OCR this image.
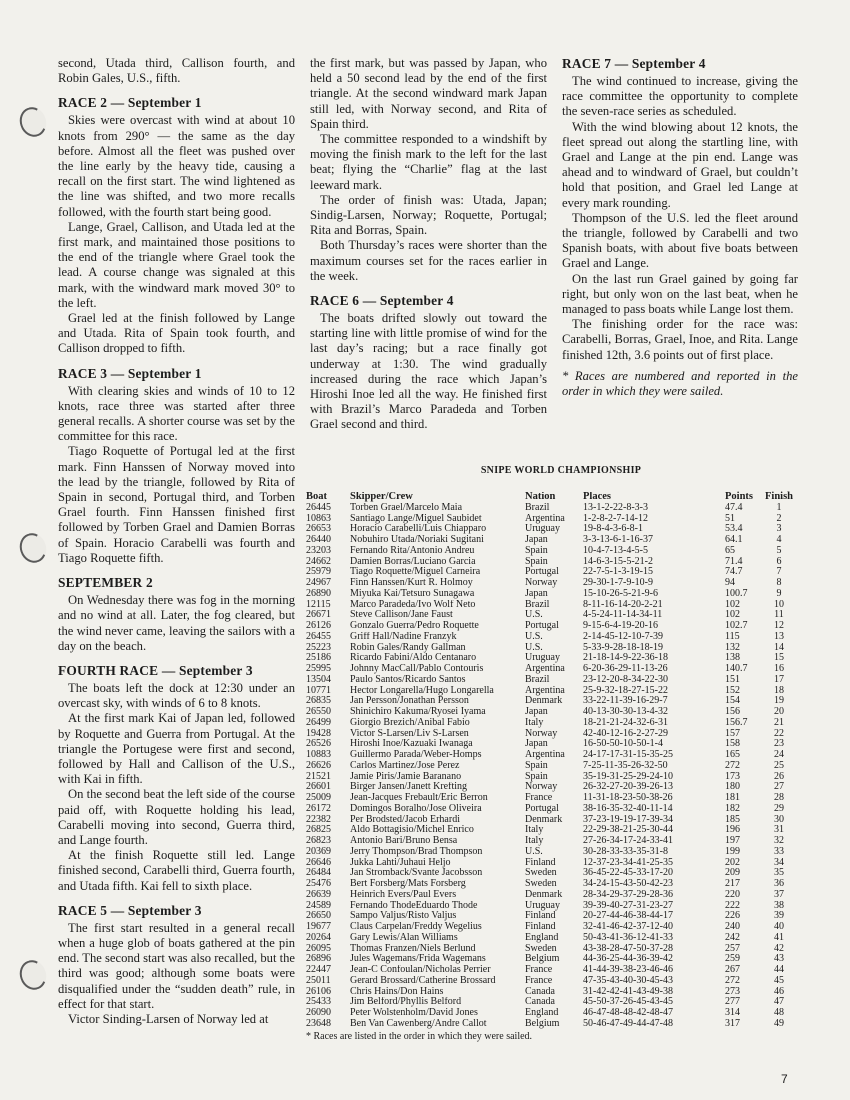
second, Utada third, Callison fourth, and Robin Gales, U.S., fifth.

RACE 2 — September 1

Skies were overcast with wind at about 10 knots from 290° — the same as the day before. Almost all the fleet was pushed over the line early by the heavy tide, causing a recall on the first start. The wind lightened as the line was shifted, and two more recalls followed, with the fourth start being good.

Lange, Grael, Callison, and Utada led at the first mark, and maintained those positions to the end of the triangle where Grael took the lead. A course change was signaled at this mark, with the windward mark moved 30° to the left.

Grael led at the finish followed by Lange and Utada. Rita of Spain took fourth, and Callison dropped to fifth.

RACE 3 — September 1

With clearing skies and winds of 10 to 12 knots, race three was started after three general recalls. A shorter course was set by the committee for this race.

Tiago Roquette of Portugal led at the first mark. Finn Hanssen of Norway moved into the lead by the triangle, followed by Rita of Spain in second, Portugal third, and Torben Grael fourth. Finn Hanssen finished first followed by Torben Grael and Damien Borras of Spain. Horacio Carabelli was fourth and Tiago Roquette fifth.

SEPTEMBER 2

On Wednesday there was fog in the morning and no wind at all. Later, the fog cleared, but the wind never came, leaving the sailors with a day on the beach.

FOURTH RACE — September 3

The boats left the dock at 12:30 under an overcast sky, with winds of 6 to 8 knots.

At the first mark Kai of Japan led, followed by Roquette and Guerra from Portugal. At the triangle the Portugese were first and second, followed by Hall and Callison of the U.S., with Kai in fifth.

On the second beat the left side of the course paid off, with Roquette holding his lead, Carabelli moving into second, Guerra third, and Lange fourth.

At the finish Roquette still led. Lange finished second, Carabelli third, Guerra fourth, and Utada fifth. Kai fell to sixth place.

RACE 5 — September 3

The first start resulted in a general recall when a huge glob of boats gathered at the pin end. The second start was also recalled, but the third was good; although some boats were disqualified under the “sudden death” rule, in effect for that start.

Victor Sinding-Larsen of Norway led at

the first mark, but was passed by Japan, who held a 50 second lead by the end of the first triangle. At the second windward mark Japan still led, with Norway second, and Rita of Spain third.

The committee responded to a windshift by moving the finish mark to the left for the last beat; flying the “Charlie” flag at the last leeward mark.

The order of finish was: Utada, Japan; Sindig-Larsen, Norway; Roquette, Portugal; Rita and Borras, Spain.

Both Thursday’s races were shorter than the maximum courses set for the races earlier in the week.

RACE 6 — September 4

The boats drifted slowly out toward the starting line with little promise of wind for the last day’s racing; but a race finally got underway at 1:30. The wind gradually increased during the race which Japan’s Hiroshi Inoe led all the way. He finished first with Brazil’s Marco Paradeda and Torben Grael second and third.

RACE 7 — September 4

The wind continued to increase, giving the race committee the opportunity to complete the seven-race series as scheduled.

With the wind blowing about 12 knots, the fleet spread out along the startling line, with Grael and Lange at the pin end. Lange was ahead and to windward of Grael, but couldn’t hold that position, and Grael led Lange at every mark rounding.

Thompson of the U.S. led the fleet around the triangle, followed by Carabelli and two Spanish boats, with about five boats between Grael and Lange.

On the last run Grael gained by going far right, but only won on the last beat, when he managed to pass boats while Lange lost them.

The finishing order for the race was: Carabelli, Borras, Grael, Inoe, and Rita. Lange finished 12th, 3.6 points out of first place.

* Races are numbered and reported in the order in which they were sailed.

SNIPE WORLD CHAMPIONSHIP
Boat	Skipper/Crew	Nation	Places	Points	Finish
26445	Torben Grael/Marcelo Maia	Brazil	13-1-2-22-8-3-3	47.4	1
10863	Santiago Lange/Miguel Saubidet	Argentina	1-2-8-2-7-14-12	51	2
26653	Horacio Carabelli/Luis Chiapparo	Uruguay	19-8-4-3-6-8-1	53.4	3
26440	Nobuhiro Utada/Noriaki Sugitani	Japan	3-3-13-6-1-16-37	64.1	4
23203	Fernando Rita/Antonio Andreu	Spain	10-4-7-13-4-5-5	65	5
24662	Damien Borras/Luciano Garcia	Spain	14-6-3-15-5-21-2	71.4	6
25979	Tiago Roquette/Miguel Carneira	Portugal	22-7-5-1-3-19-15	74.7	7
24967	Finn Hanssen/Kurt R. Holmoy	Norway	29-30-1-7-9-10-9	94	8
26890	Miyuka Kai/Tetsuro Sunagawa	Japan	15-10-26-5-21-9-6	100.7	9
12115	Marco Paradeda/Ivo Wolf Neto	Brazil	8-11-16-14-20-2-21	102	10
26671	Steve Callison/Jane Faust	U.S.	4-5-24-11-14-34-11	102	11
26126	Gonzalo Guerra/Pedro Roquette	Portugal	9-15-6-4-19-20-16	102.7	12
26455	Griff Hall/Nadine Franzyk	U.S.	2-14-45-12-10-7-39	115	13
25223	Robin Gales/Randy Gallman	U.S.	5-33-9-28-18-18-19	132	14
25186	Ricardo Fabini/Aldo Centanaro	Uruguay	21-18-14-9-22-36-18	138	15
25995	Johnny MacCall/Pablo Contouris	Argentina	6-20-36-29-11-13-26	140.7	16
13504	Paulo Santos/Ricardo Santos	Brazil	23-12-20-8-34-22-30	151	17
10771	Hector Longarella/Hugo Longarella	Argentina	25-9-32-18-27-15-22	152	18
26835	Jan Persson/Jonathan Persson	Denmark	33-22-11-39-16-29-7	154	19
26550	Shinichiro Kakuma/Ryosei Iyama	Japan	40-13-30-30-13-4-32	156	20
26499	Giorgio Brezich/Anibal Fabio	Italy	18-21-21-24-32-6-31	156.7	21
19428	Victor S-Larsen/Liv S-Larsen	Norway	42-40-12-16-2-27-29	157	22
26526	Hiroshi Inoe/Kazuaki Iwanaga	Japan	16-50-50-10-50-1-4	158	23
10883	Guillermo Parada/Weber-Homps	Argentina	24-17-17-31-15-35-25	165	24
26626	Carlos Martinez/Jose Perez	Spain	7-25-11-35-26-32-50	272	25
21521	Jamie Piris/Jamie Baranano	Spain	35-19-31-25-29-24-10	173	26
26601	Birger Jansen/Janett Krefting	Norway	26-32-27-20-39-26-13	180	27
25009	Jean-Jacques Frebault/Eric Berron	France	11-31-18-23-50-38-26	181	28
26172	Domingos Boralho/Jose Oliveira	Portugal	38-16-35-32-40-11-14	182	29
22382	Per Brodsted/Jacob Erhardi	Denmark	37-23-19-19-17-39-34	185	30
26825	Aldo Bottagisio/Michel Enrico	Italy	22-29-38-21-25-30-44	196	31
26823	Antonio Bari/Bruno Bensa	Italy	27-26-34-17-24-33-41	197	32
20369	Jerry Thompson/Brad Thompson	U.S.	30-28-33-33-35-31-8	199	33
26646	Jukka Lahti/Juhaui Heljo	Finland	12-37-23-34-41-25-35	202	34
26484	Jan Stromback/Svante Jacobsson	Sweden	36-45-22-45-33-17-20	209	35
25476	Bert Forsberg/Mats Forsberg	Sweden	34-24-15-43-50-42-23	217	36
26639	Heinrich Evers/Paul Evers	Denmark	28-34-29-37-29-28-36	220	37
24589	Fernando ThodeEduardo Thode	Uruguay	39-39-40-27-31-23-27	222	38
26650	Sampo Valjus/Risto Valjus	Finland	20-27-44-46-38-44-17	226	39
19677	Claus Carpelan/Freddy Wegelius	Finland	32-41-46-42-37-12-40	240	40
20264	Gary Lewis/Alan Williams	England	50-43-41-36-12-41-33	242	41
26095	Thomas Franzen/Niels Berlund	Sweden	43-38-28-47-50-37-28	257	42
26896	Jules Wagemans/Frida Wagemans	Belgium	44-36-25-44-36-39-42	259	43
22447	Jean-C Confoulan/Nicholas Perrier	France	41-44-39-38-23-46-46	267	44
25011	Gerard Brossard/Catherine Brossard	France	47-35-43-40-30-45-43	272	45
26106	Chris Hains/Don Hains	Canada	31-42-42-41-43-49-38	273	46
25433	Jim Belford/Phyllis Belford	Canada	45-50-37-26-45-43-45	277	47
26090	Peter Wolstenholm/David Jones	England	46-47-48-48-42-48-47	314	48
23648	Ben Van Cawenberg/Andre Callot	Belgium	50-46-47-49-44-47-48	317	49
* Races are listed in the order in which they were sailed.
7
